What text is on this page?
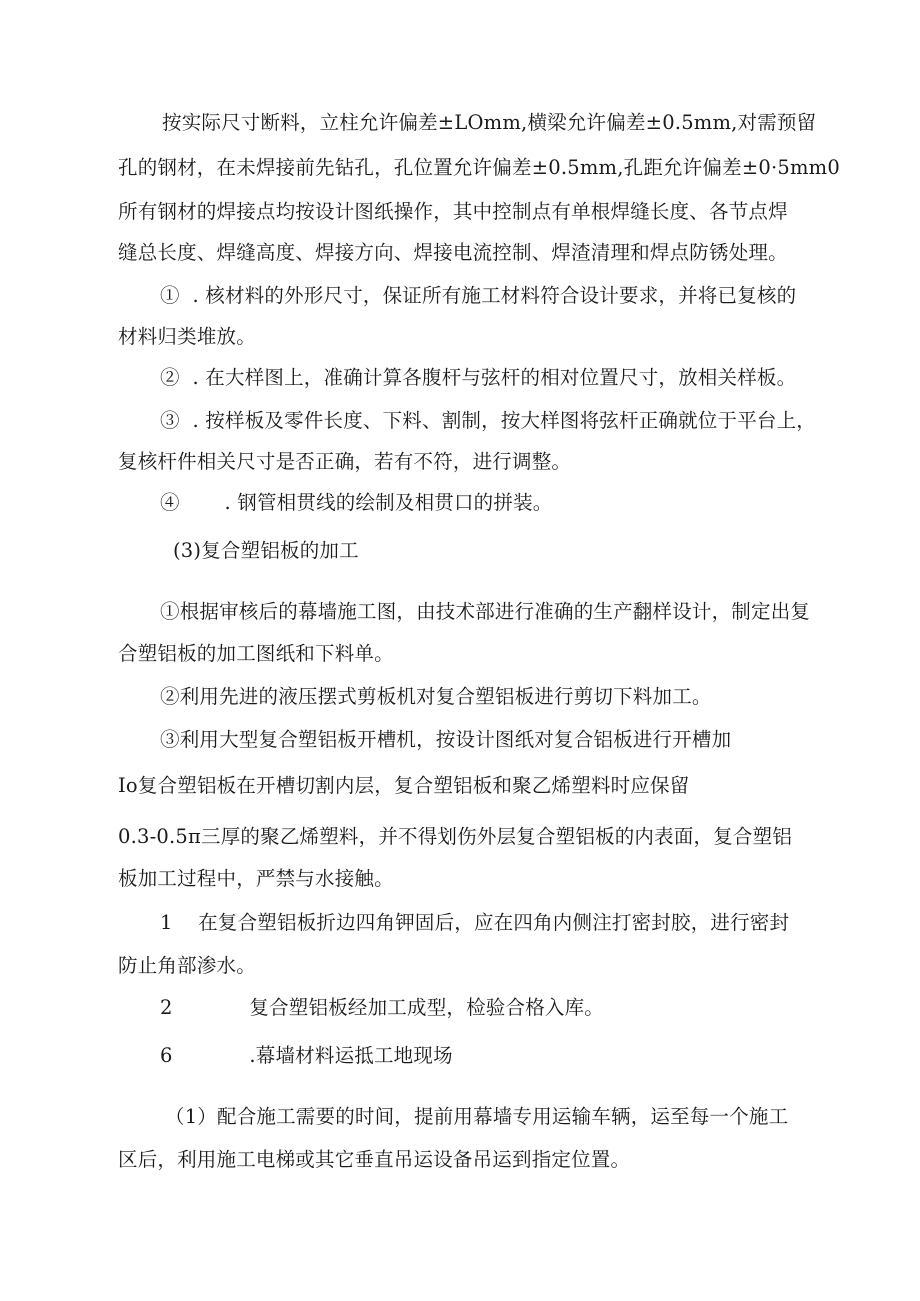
按实际尺寸断料，立柱允许偏差±LOmm,横梁允许偏差±0.5mm,对需预留
孔的钢材，在未焊接前先钻孔，孔位置允许偏差±0.5mm,孔距允许偏差±0·5mm0
所有钢材的焊接点均按设计图纸操作，其中控制点有单根焊缝长度、各节点焊
缝总长度、焊缝高度、焊接方向、焊接电流控制、焊渣清理和焊点防锈处理。
①  . 核材料的外形尺寸，保证所有施工材料符合设计要求，并将已复核的
材料归类堆放。
②  . 在大样图上，准确计算各腹杆与弦杆的相对位置尺寸，放相关样板。
③  . 按样板及零件长度、下料、割制，按大样图将弦杆正确就位于平台上，
复核杆件相关尺寸是否正确，若有不符，进行调整。
④       . 钢管相贯线的绘制及相贯口的拼装。
(3)复合塑铝板的加工
①根据审核后的幕墙施工图，由技术部进行准确的生产翻样设计，制定出复
合塑铝板的加工图纸和下料单。
②利用先进的液压摆式剪板机对复合塑铝板进行剪切下料加工。
③利用大型复合塑铝板开槽机，按设计图纸对复合铝板进行开槽加
Io复合塑铝板在开槽切割内层，复合塑铝板和聚乙烯塑料时应保留
0.3-0.5π三厚的聚乙烯塑料，并不得划伤外层复合塑铝板的内表面，复合塑铝
板加工过程中，严禁与水接触。
1    在复合塑铝板折边四角钾固后，应在四角内侧注打密封胶，进行密封
防止角部渗水。
2            复合塑铝板经加工成型，检验合格入库。
6            .幕墙材料运抵工地现场
（1）配合施工需要的时间，提前用幕墙专用运输车辆，运至每一个施工
区后，利用施工电梯或其它垂直吊运设备吊运到指定位置。
